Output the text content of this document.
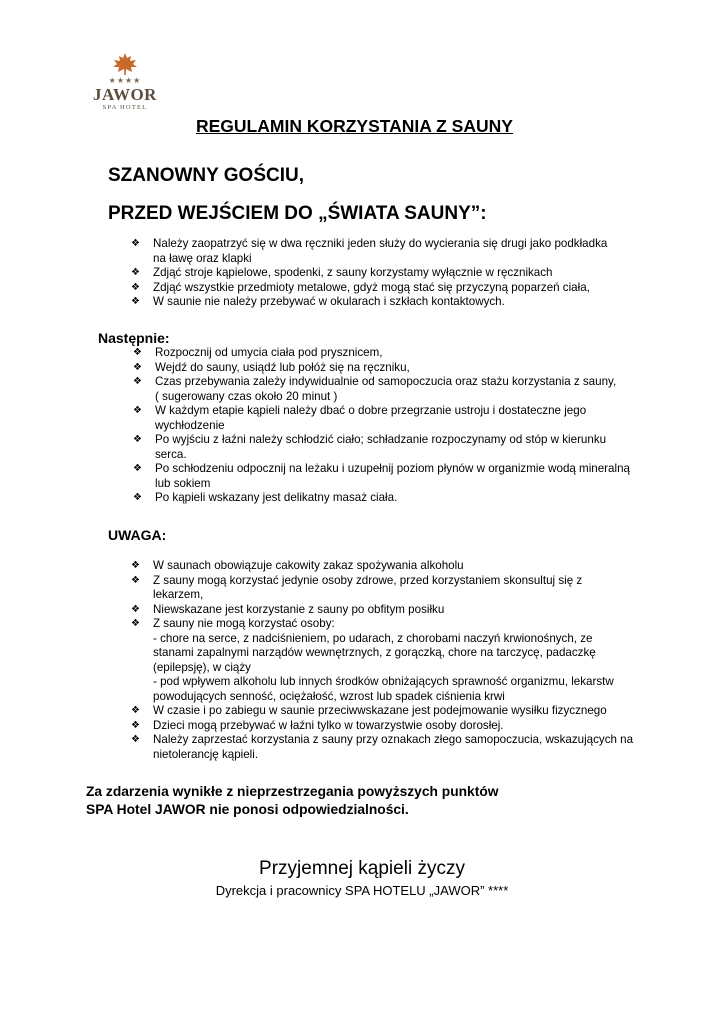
★★★★
JAWOR
SPA HOTEL
REGULAMIN KORZYSTANIA Z SAUNY
SZANOWNY GOŚCIU,
PRZED WEJŚCIEM DO „ŚWIATA SAUNY”:
❖ Należy zaopatrzyć się w dwa ręczniki jeden służy do wycierania się drugi jako podkładka
na ławę oraz klapki
❖ Zdjąć stroje kąpielowe, spodenki, z sauny korzystamy wyłącznie w ręcznikach
❖ Zdjąć wszystkie przedmioty metalowe, gdyż mogą stać się przyczyną poparzeń ciała,
❖ W saunie nie należy przebywać w okularach i szkłach kontaktowych.
Następnie:
❖ Rozpocznij od umycia ciała pod prysznicem,
❖ Wejdź do sauny, usiądź lub połóż się na ręczniku,
❖ Czas przebywania zależy indywidualnie od samopoczucia oraz stażu korzystania z sauny,
( sugerowany czas około 20 minut )
❖ W każdym etapie kąpieli należy dbać o dobre przegrzanie ustroju i dostateczne jego
wychłodzenie
❖ Po wyjściu z łaźni należy schłodzić ciało; schładzanie rozpoczynamy od stóp w kierunku
serca.
❖ Po schłodzeniu odpocznij na leżaku i uzupełnij poziom płynów w organizmie wodą mineralną
lub sokiem
❖ Po kąpieli wskazany jest delikatny masaż ciała.
UWAGA:
❖ W saunach obowiązuje cakowity zakaz spożywania alkoholu
❖ Z sauny mogą korzystać jedynie osoby zdrowe, przed korzystaniem skonsultuj się z
lekarzem,
❖ Niewskazane jest korzystanie z sauny po obfitym posiłku
❖ Z sauny nie mogą korzystać osoby:
- chore na serce, z nadciśnieniem, po udarach, z chorobami naczyń krwionośnych, ze
stanami zapalnymi narządów wewnętrznych, z gorączką, chore na tarczycę, padaczkę
(epilepsję), w ciąży
- pod wpływem alkoholu lub innych środków obniżających sprawność organizmu, lekarstw
powodujących senność, ociężałość, wzrost lub spadek ciśnienia krwi
❖ W czasie i po zabiegu w saunie przeciwwskazane jest podejmowanie wysiłku fizycznego
❖ Dzieci mogą przebywać w łaźni tylko w towarzystwie osoby dorosłej.
❖ Należy zaprzestać korzystania z sauny przy oznakach złego samopoczucia, wskazujących na
nietolerancję kąpieli.
Za zdarzenia wynikłe z nieprzestrzegania powyższych punktów
SPA Hotel JAWOR nie ponosi odpowiedzialności.
Przyjemnej kąpieli życzy
Dyrekcja i pracownicy SPA HOTELU „JAWOR” ****
